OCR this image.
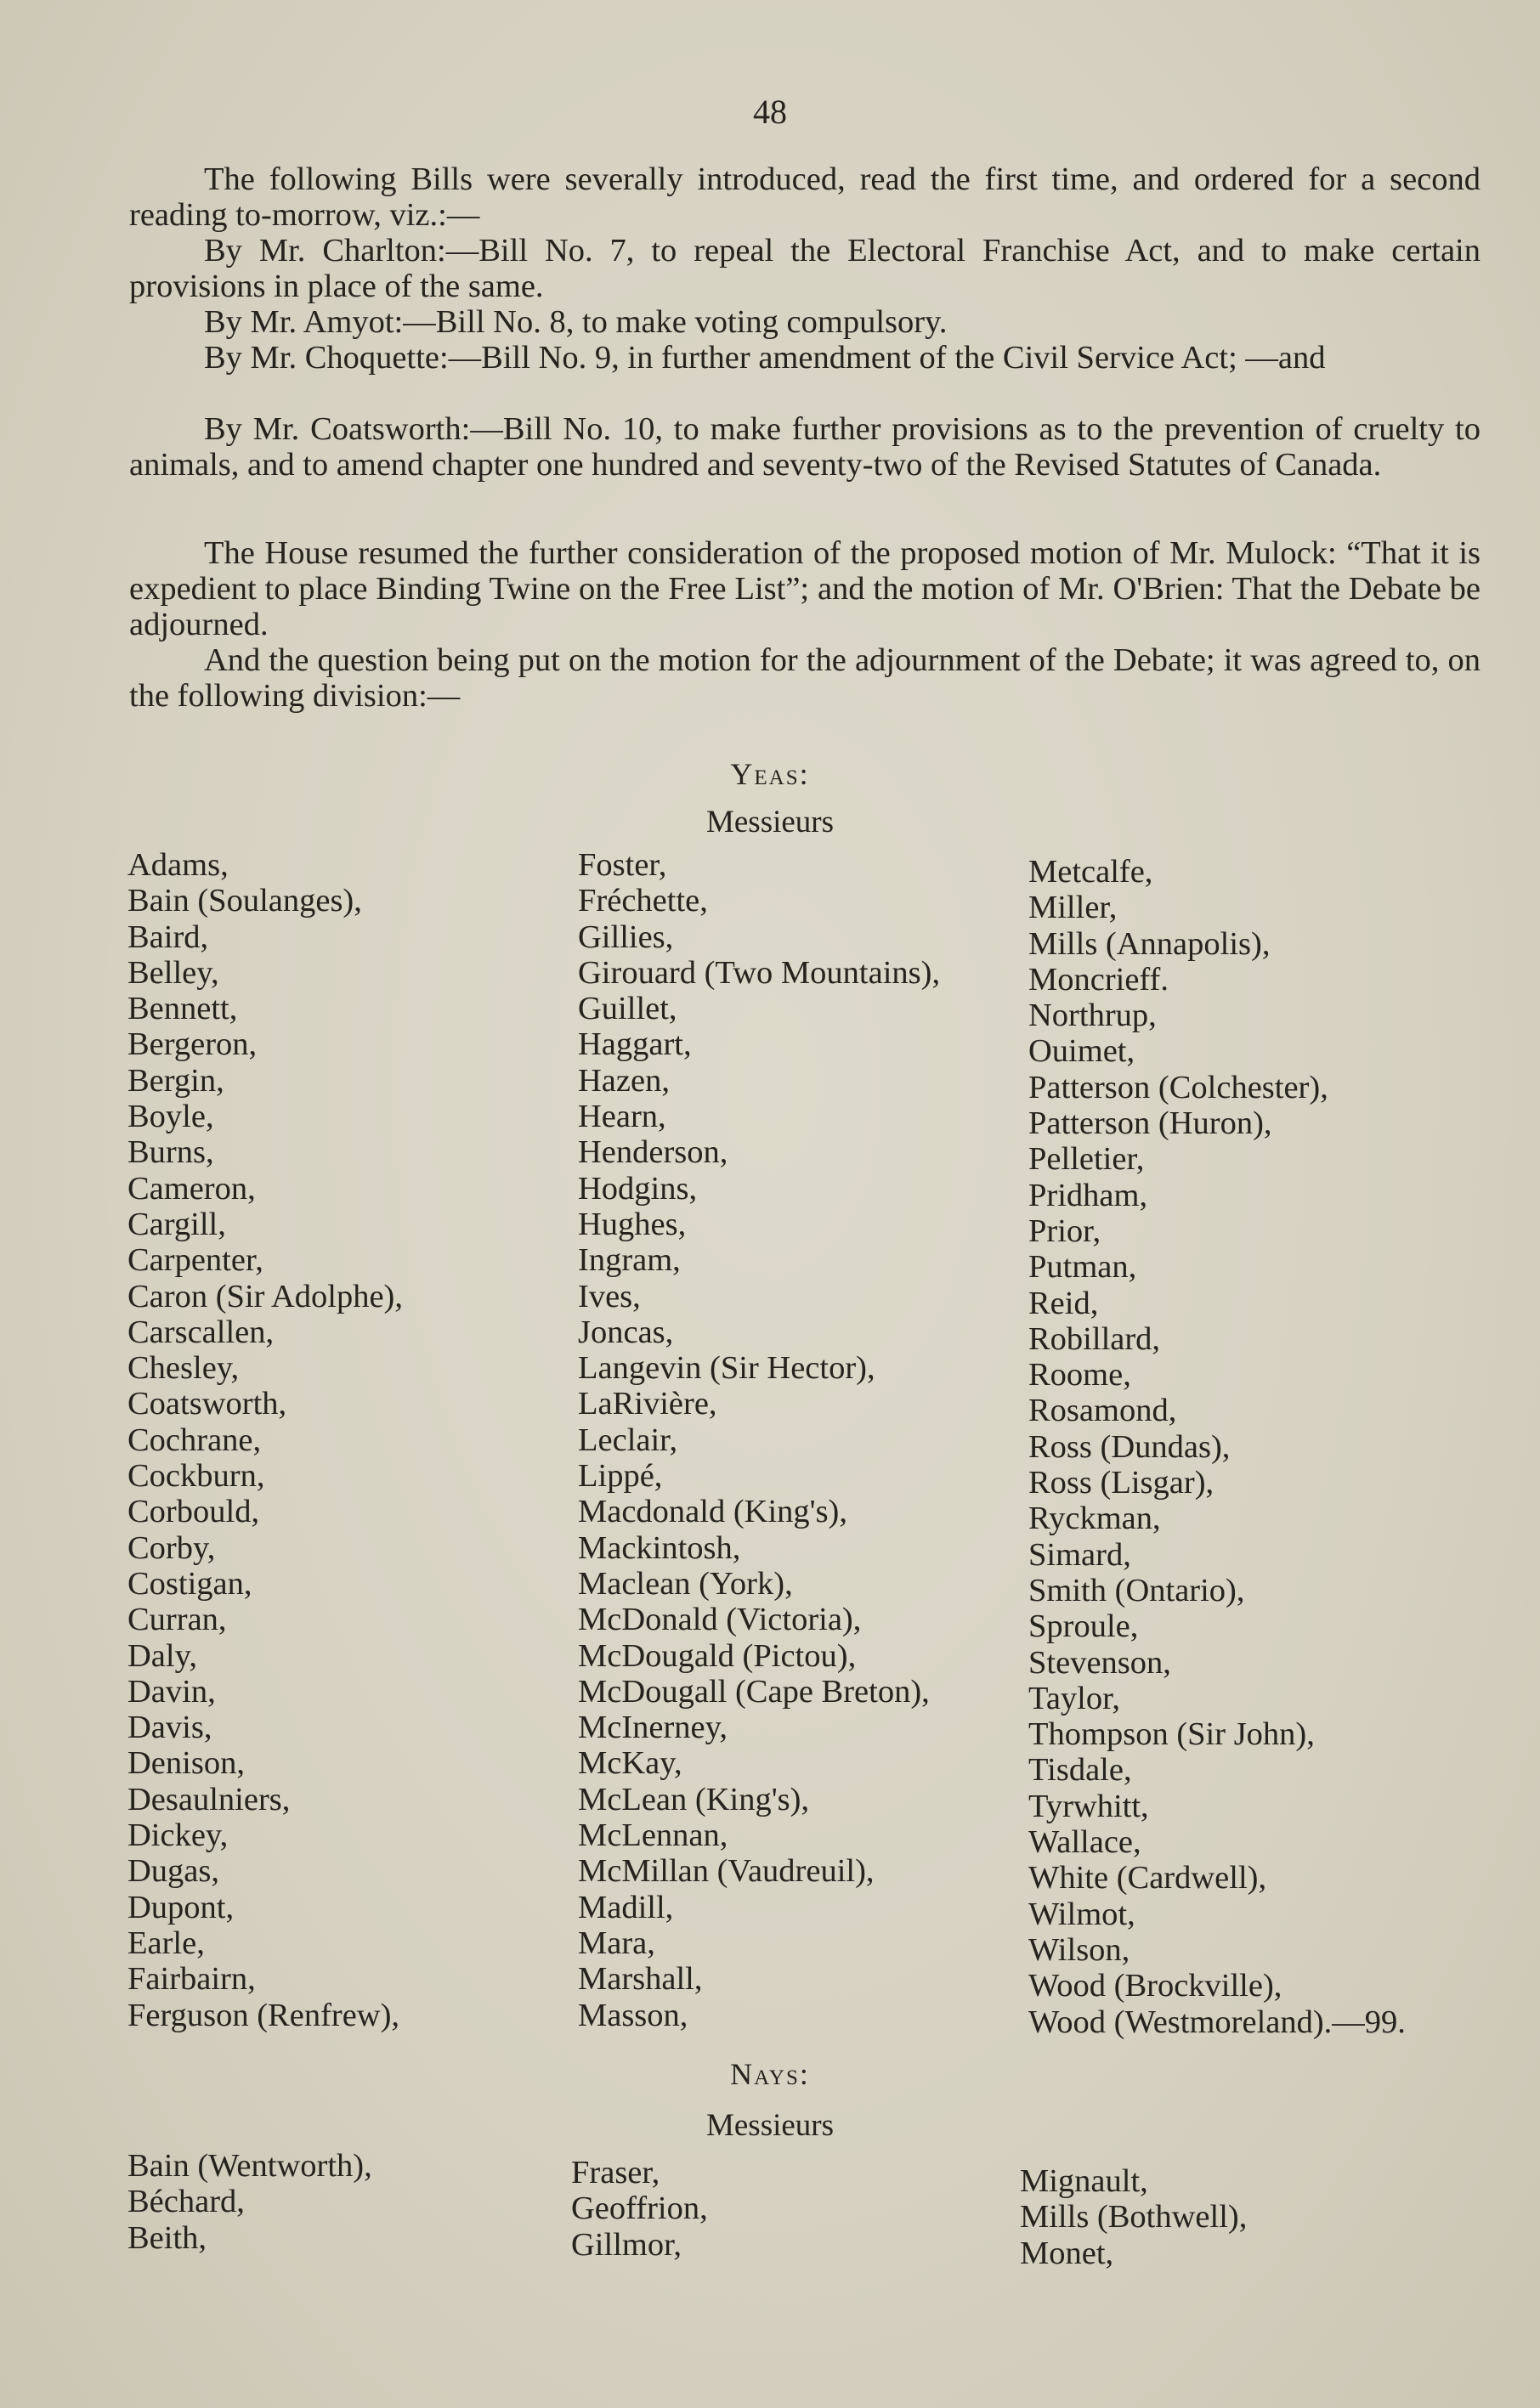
48

The following Bills were severally introduced, read the first time, and ordered for a second reading to-morrow, viz.:—

By Mr. Charlton:—Bill No. 7, to repeal the Electoral Franchise Act, and to make certain provisions in place of the same.

By Mr. Amyot:—Bill No. 8, to make voting compulsory.

By Mr. Choquette:—Bill No. 9, in further amendment of the Civil Service Act; —and

By Mr. Coatsworth:—Bill No. 10, to make further provisions as to the prevention of cruelty to animals, and to amend chapter one hundred and seventy-two of the Revised Statutes of Canada.

The House resumed the further consideration of the proposed motion of Mr. Mulock: “That it is expedient to place Binding Twine on the Free List”; and the motion of Mr. O'Brien: That the Debate be adjourned.

And the question being put on the motion for the adjournment of the Debate; it was agreed to, on the following division:—

Yeas:
Messieurs
Adams,
Bain (Soulanges),
Baird,
Belley,
Bennett,
Bergeron,
Bergin,
Boyle,
Burns,
Cameron,
Cargill,
Carpenter,
Caron (Sir Adolphe),
Carscallen,
Chesley,
Coatsworth,
Cochrane,
Cockburn,
Corbould,
Corby,
Costigan,
Curran,
Daly,
Davin,
Davis,
Denison,
Desaulniers,
Dickey,
Dugas,
Dupont,
Earle,
Fairbairn,
Ferguson (Renfrew),
Foster,
Fréchette,
Gillies,
Girouard (Two Mountains),
Guillet,
Haggart,
Hazen,
Hearn,
Henderson,
Hodgins,
Hughes,
Ingram,
Ives,
Joncas,
Langevin (Sir Hector),
LaRivière,
Leclair,
Lippé,
Macdonald (King's),
Mackintosh,
Maclean (York),
McDonald (Victoria),
McDougald (Pictou),
McDougall (Cape Breton),
McInerney,
McKay,
McLean (King's),
McLennan,
McMillan (Vaudreuil),
Madill,
Mara,
Marshall,
Masson,
Metcalfe,
Miller,
Mills (Annapolis),
Moncrieff.
Northrup,
Ouimet,
Patterson (Colchester),
Patterson (Huron),
Pelletier,
Pridham,
Prior,
Putman,
Reid,
Robillard,
Roome,
Rosamond,
Ross (Dundas),
Ross (Lisgar),
Ryckman,
Simard,
Smith (Ontario),
Sproule,
Stevenson,
Taylor,
Thompson (Sir John),
Tisdale,
Tyrwhitt,
Wallace,
White (Cardwell),
Wilmot,
Wilson,
Wood (Brockville),
Wood (Westmoreland).—99.
Nays:
Messieurs
Bain (Wentworth),
Béchard,
Beith,
Fraser,
Geoffrion,
Gillmor,
Mignault,
Mills (Bothwell),
Monet,
